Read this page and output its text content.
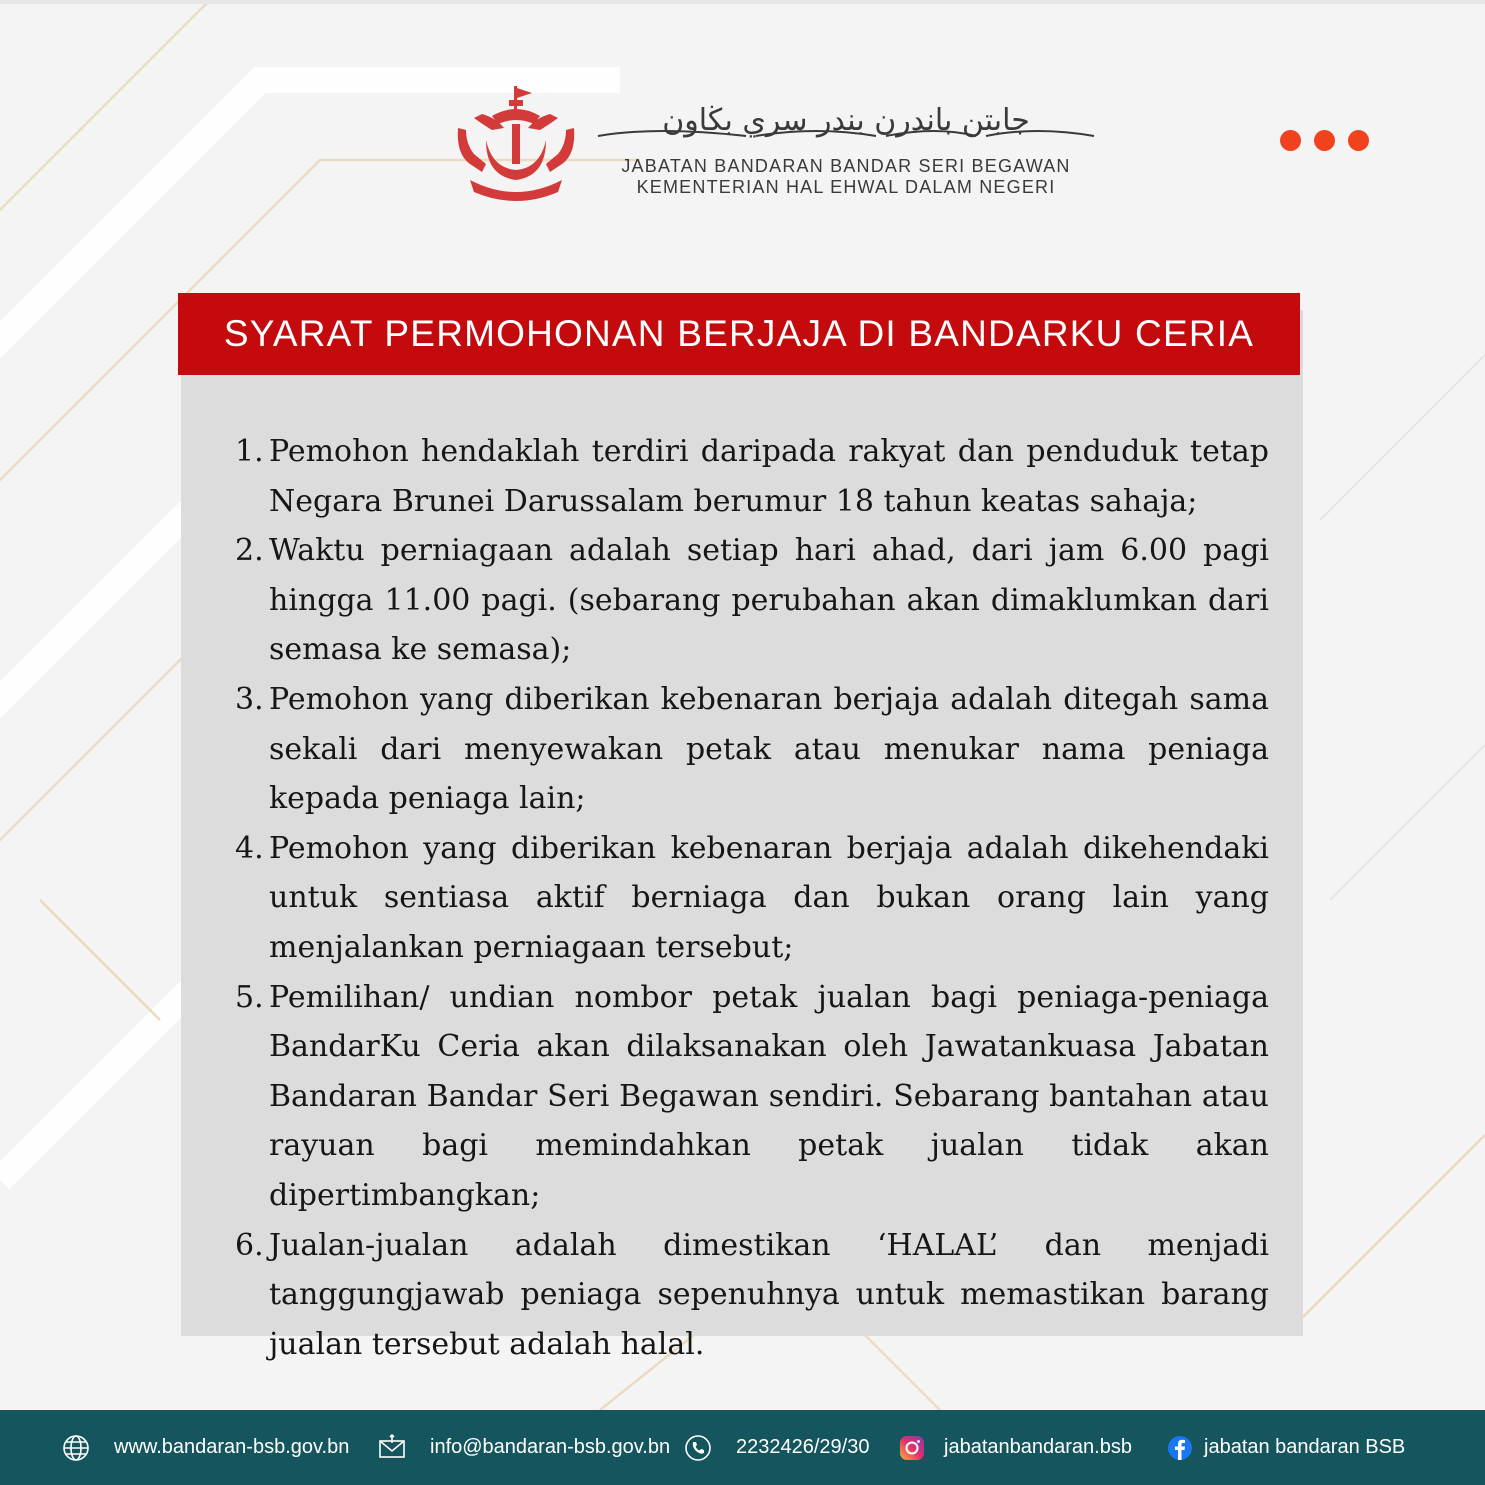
جابتن باندرن بندر سري بڬاون
JABATAN BANDARAN BANDAR SERI BEGAWAN
KEMENTERIAN HAL EHWAL DALAM NEGERI
SYARAT PERMOHONAN BERJAJA DI BANDARKU CERIA
1. Pemohon hendaklah terdiri daripada rakyat dan penduduk tetap Negara Brunei Darussalam berumur 18 tahun keatas sahaja;
2. Waktu perniagaan adalah setiap hari ahad, dari jam 6.00 pagi hingga 11.00 pagi. (sebarang perubahan akan dimaklumkan dari semasa ke semasa);
3. Pemohon yang diberikan kebenaran berjaja adalah ditegah sama sekali dari menyewakan petak atau menukar nama peniaga kepada peniaga lain;
4. Pemohon yang diberikan kebenaran berjaja adalah dikehendaki untuk sentiasa aktif berniaga dan bukan orang lain yang menjalankan perniagaan tersebut;
5. Pemilihan/ undian nombor petak jualan bagi peniaga-peniaga BandarKu Ceria akan dilaksanakan oleh Jawatankuasa Jabatan Bandaran Bandar Seri Begawan sendiri. Sebarang bantahan atau rayuan bagi memindahkan petak jualan tidak akan dipertimbangkan;
6. Jualan-jualan adalah dimestikan ‘HALAL’ dan menjadi tanggungjawab peniaga sepenuhnya untuk memastikan barang jualan tersebut adalah halal.
www.bandaran-bsb.gov.bn	info@bandaran-bsb.gov.bn	2232426/29/30	jabatanbandaran.bsb	jabatan bandaran BSB
